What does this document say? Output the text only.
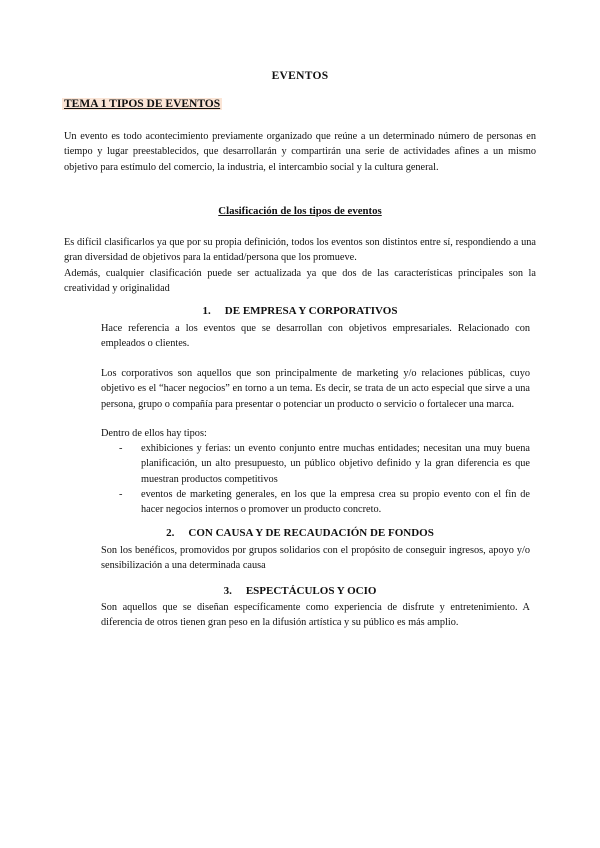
EVENTOS
TEMA 1 TIPOS DE EVENTOS

Un evento es todo acontecimiento previamente organizado que reúne a un determinado número de personas en tiempo y lugar preestablecidos, que desarrollarán y compartirán una serie de actividades afines a un mismo objetivo para estímulo del comercio, la industria, el intercambio social y la cultura general.

Clasificación de los tipos de eventos

Es difícil clasificarlos ya que por su propia definición, todos los eventos son distintos entre sí, respondiendo a una gran diversidad de objetivos para la entidad/persona que los promueve.

Además, cualquier clasificación puede ser actualizada ya que dos de las características principales son la creatividad y originalidad

1. DE EMPRESA Y CORPORATIVOS

Hace referencia a los eventos que se desarrollan con objetivos empresariales. Relacionado con empleados o clientes.

Los corporativos son aquellos que son principalmente de marketing y/o relaciones públicas, cuyo objetivo es el “hacer negocios” en torno a un tema. Es decir, se trata de un acto especial que sirve a una persona, grupo o compañía para presentar o potenciar un producto o servicio o fortalecer una marca.

Dentro de ellos hay tipos:

- exhibiciones y ferias: un evento conjunto entre muchas entidades; necesitan una muy buena planificación, un alto presupuesto, un público objetivo definido y la gran diferencia es que muestran productos competitivos
- eventos de marketing generales, en los que la empresa crea su propio evento con el fin de hacer negocios internos o promover un producto concreto.
2. CON CAUSA Y DE RECAUDACIÓN DE FONDOS

Son los benéficos, promovidos por grupos solidarios con el propósito de conseguir ingresos, apoyo y/o sensibilización a una determinada causa

3. ESPECTÁCULOS Y OCIO

Son aquellos que se diseñan específicamente como experiencia de disfrute y entretenimiento. A diferencia de otros tienen gran peso en la difusión artística y su público es más amplio.
